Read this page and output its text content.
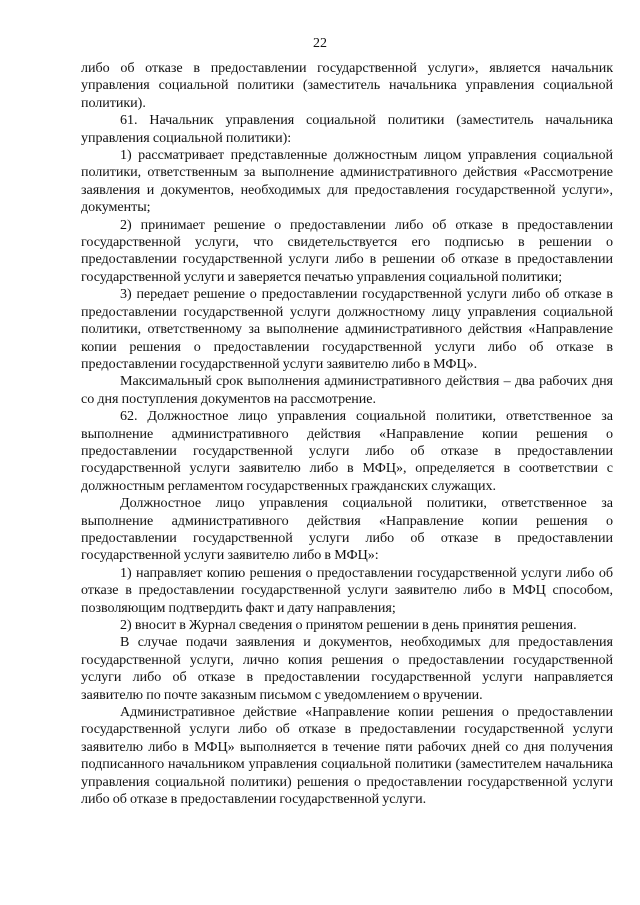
22

либо об отказе в предоставлении государственной услуги», является начальник управления социальной политики (заместитель начальника управления социальной политики).

61. Начальник управления социальной политики (заместитель начальника управления социальной политики):

1) рассматривает представленные должностным лицом управления социальной политики, ответственным за выполнение административного действия «Рассмотрение заявления и документов, необходимых для предоставления государственной услуги», документы;

2) принимает решение о предоставлении либо об отказе в предоставлении государственной услуги, что свидетельствуется его подписью в решении о предоставлении государственной услуги либо в решении об отказе в предоставлении государственной услуги и заверяется печатью управления социальной политики;

3) передает решение о предоставлении государственной услуги либо об отказе в предоставлении государственной услуги должностному лицу управления социальной политики, ответственному за выполнение административного действия «Направление копии решения о предоставлении государственной услуги либо об отказе в предоставлении государственной услуги заявителю либо в МФЦ».

Максимальный срок выполнения административного действия – два рабочих дня со дня поступления документов на рассмотрение.

62. Должностное лицо управления социальной политики, ответственное за выполнение административного действия «Направление копии решения о предоставлении государственной услуги либо об отказе в предоставлении государственной услуги заявителю либо в МФЦ», определяется в соответствии с должностным регламентом государственных гражданских служащих.

Должностное лицо управления социальной политики, ответственное за выполнение административного действия «Направление копии решения о предоставлении государственной услуги либо об отказе в предоставлении государственной услуги заявителю либо в МФЦ»:

1) направляет копию решения о предоставлении государственной услуги либо об отказе в предоставлении государственной услуги заявителю либо в МФЦ способом, позволяющим подтвердить факт и дату направления;

2) вносит в Журнал сведения о принятом решении в день принятия решения.

В случае подачи заявления и документов, необходимых для предоставления государственной услуги, лично копия решения о предоставлении государственной услуги либо об отказе в предоставлении государственной услуги направляется заявителю по почте заказным письмом с уведомлением о вручении.

Административное действие «Направление копии решения о предоставлении государственной услуги либо об отказе в предоставлении государственной услуги заявителю либо в МФЦ» выполняется в течение пяти рабочих дней со дня получения подписанного начальником управления социальной политики (заместителем начальника управления социальной политики) решения о предоставлении государственной услуги либо об отказе в предоставлении государственной услуги.
